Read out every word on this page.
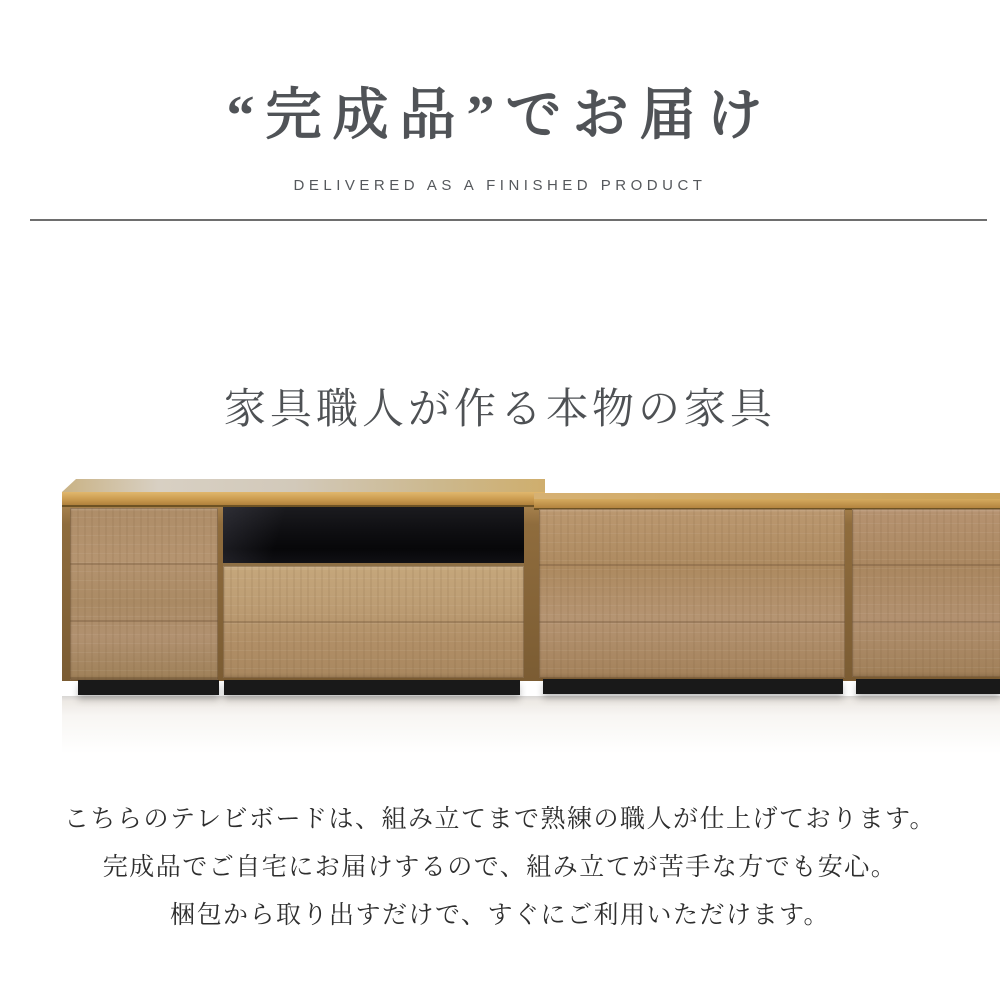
“完成品”でお届け

DELIVERED AS A FINISHED PRODUCT

家具職人が作る本物の家具

こちらのテレビボードは、組み立てまで熟練の職人が仕上げております。

完成品でご自宅にお届けするので、組み立てが苦手な方でも安心。

梱包から取り出すだけで、すぐにご利用いただけます。
